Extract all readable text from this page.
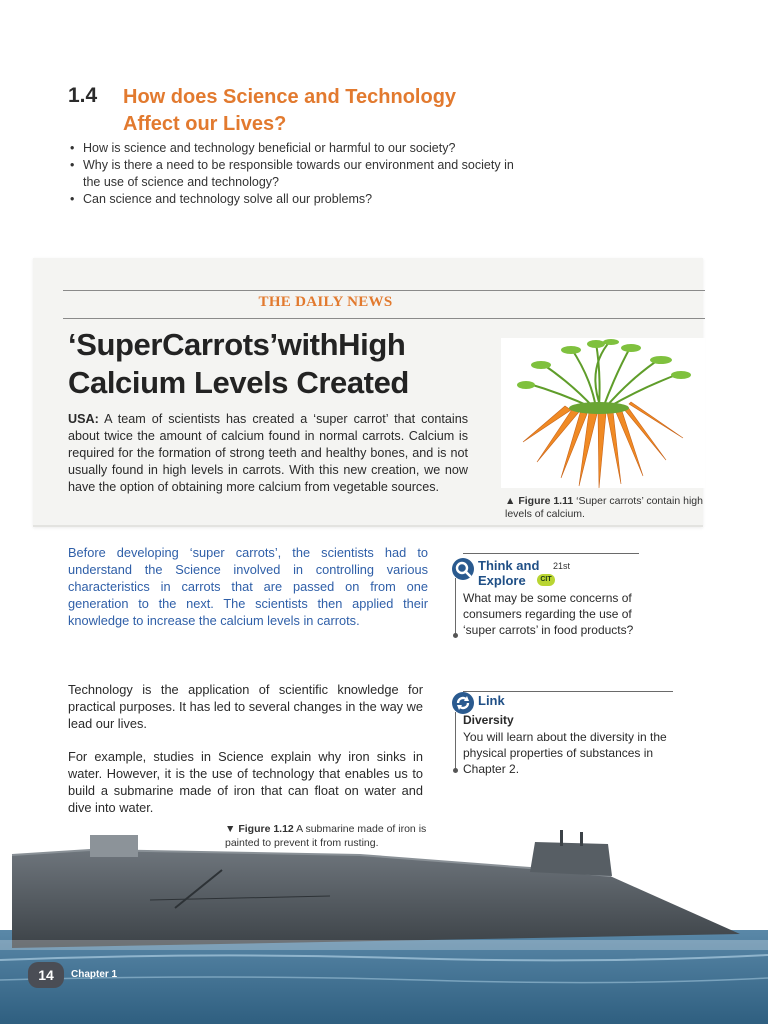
1.4 How does Science and Technology Affect our Lives?
• How is science and technology beneficial or harmful to our society?
• Why is there a need to be responsible towards our environment and society in the use of science and technology?
• Can science and technology solve all our problems?
THE DAILY NEWS
‘SuperCarrots’withHigh Calcium Levels Created

USA: A team of scientists has created a ‘super carrot’ that contains about twice the amount of calcium found in normal carrots. Calcium is required for the formation of strong teeth and healthy bones, and is not usually found in high levels in carrots. With this new creation, we now have the option of obtaining more calcium from vegetable sources.

▲ Figure 1.11 ‘Super carrots’ contain high levels of calcium.

Before developing ‘super carrots’, the scientists had to understand the Science involved in controlling various characteristics in carrots that are passed on from one generation to the next. The scientists then applied their knowledge to increase the calcium levels in carrots.

Think and
Explore
21st
CIT
What may be some concerns of consumers regarding the use of ‘super carrots’ in food products?

Technology is the application of scientific knowledge for practical purposes. It has led to several changes in the way we lead our lives.

For example, studies in Science explain why iron sinks in water. However, it is the use of technology that enables us to build a submarine made of iron that can float on water and dive into water.

Link
Diversity
You will learn about the diversity in the physical properties of substances in Chapter 2.
▼ Figure 1.12 A submarine made of iron is painted to prevent it from rusting.
14	Chapter 1
